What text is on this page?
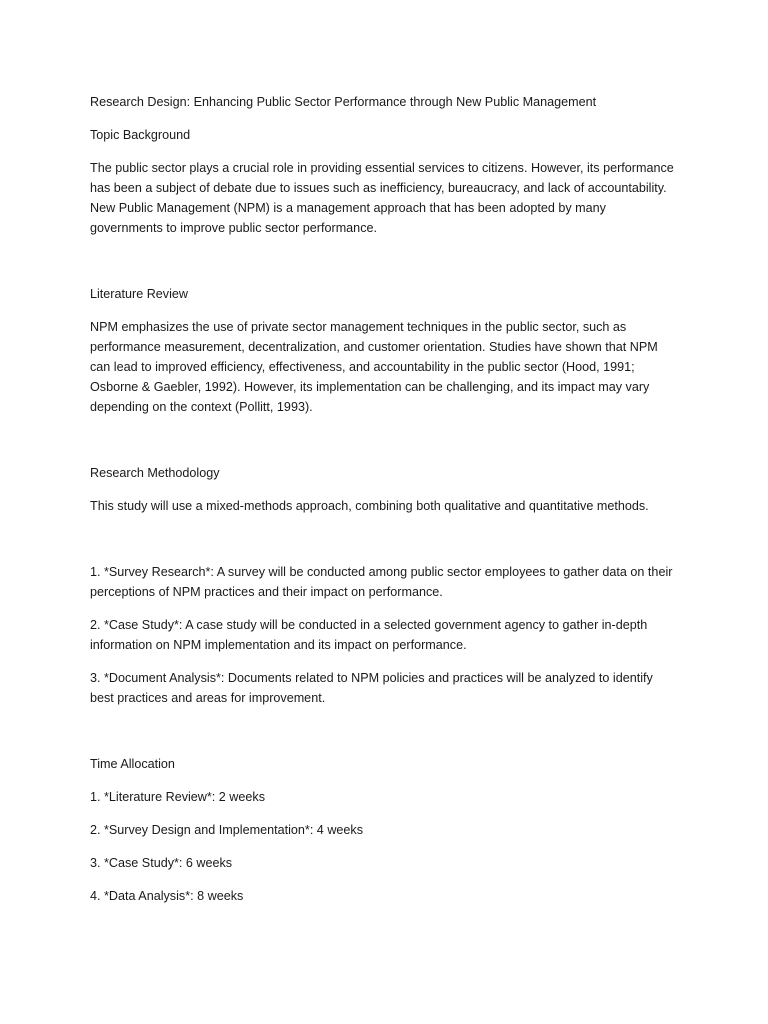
Research Design: Enhancing Public Sector Performance through New Public Management

Topic Background

The public sector plays a crucial role in providing essential services to citizens. However, its performance has been a subject of debate due to issues such as inefficiency, bureaucracy, and lack of accountability. New Public Management (NPM) is a management approach that has been adopted by many governments to improve public sector performance.

Literature Review

NPM emphasizes the use of private sector management techniques in the public sector, such as performance measurement, decentralization, and customer orientation. Studies have shown that NPM can lead to improved efficiency, effectiveness, and accountability in the public sector (Hood, 1991; Osborne & Gaebler, 1992). However, its implementation can be challenging, and its impact may vary depending on the context (Pollitt, 1993).

Research Methodology

This study will use a mixed-methods approach, combining both qualitative and quantitative methods.

1. *Survey Research*: A survey will be conducted among public sector employees to gather data on their perceptions of NPM practices and their impact on performance.

2. *Case Study*: A case study will be conducted in a selected government agency to gather in-depth information on NPM implementation and its impact on performance.

3. *Document Analysis*: Documents related to NPM policies and practices will be analyzed to identify best practices and areas for improvement.

Time Allocation

1. *Literature Review*: 2 weeks

2. *Survey Design and Implementation*: 4 weeks

3. *Case Study*: 6 weeks

4. *Data Analysis*: 8 weeks
